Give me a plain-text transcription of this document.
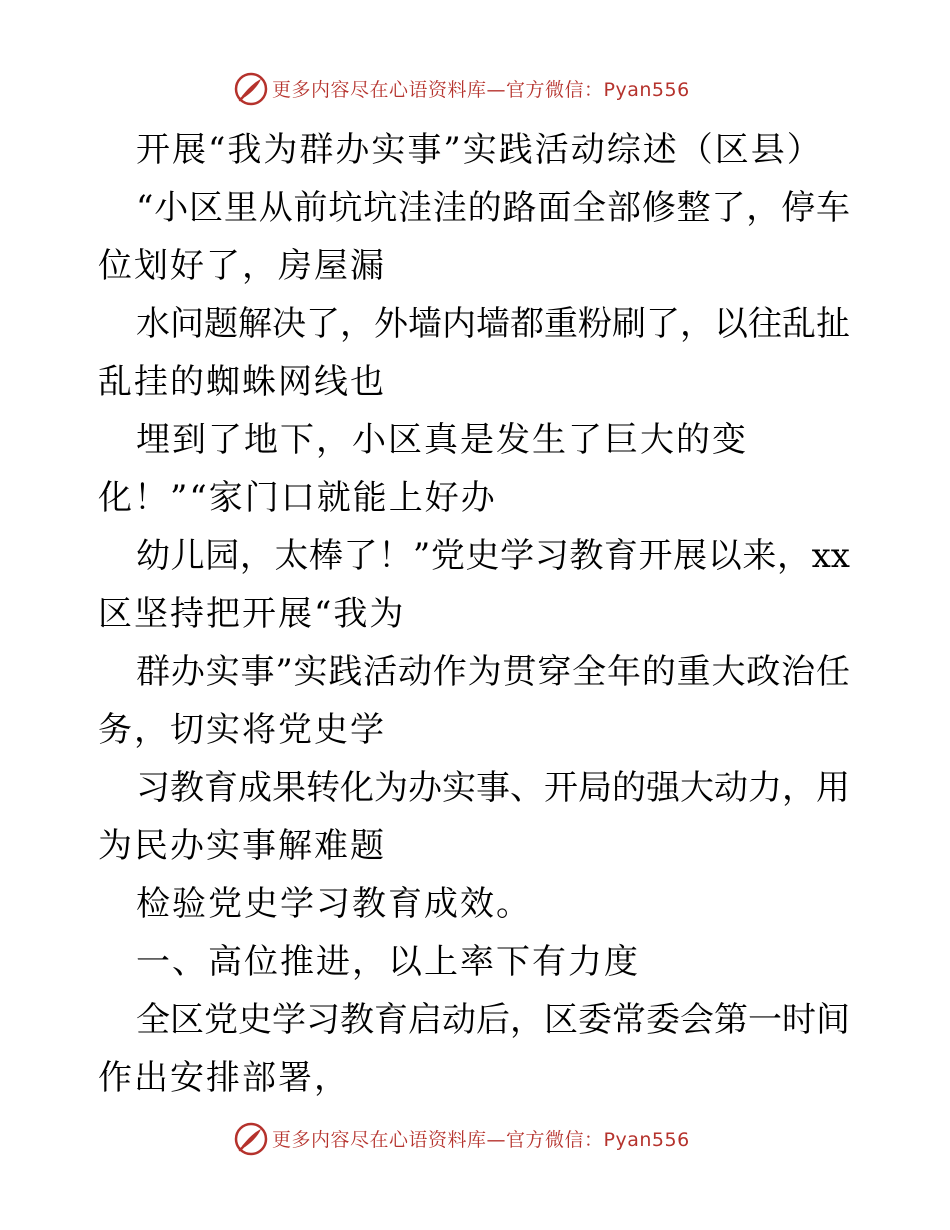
更多内容尽在心语资料库—官方微信：Pyan556
开展“我为群办实事”实践活动综述（区县）
“ 小 区 里 从 前 坑 坑 洼 洼 的 路 面 全 部 修 整 了 ， 停 车
位划好了，房屋漏
水 问 题 解 决 了 ， 外 墙 内 墙 都 重 粉 刷 了 ， 以 往 乱 扯
乱挂的蜘蛛网线也
埋到了地下，小区真是发生了巨大的变
化！”“家门口就能上好办
幼 儿 园 ， 太 棒 了 ！ ” 党 史 学 习 教 育 开 展 以 来 ， xx
区坚持把开展“我为
群 办 实 事 ” 实 践 活 动 作 为 贯 穿 全 年 的 重 大 政 治 任
务，切实将党史学
习 教 育 成 果 转 化 为 办 实 事 、 开 局 的 强 大 动 力 ， 用
为民办实事解难题
检验党史学习教育成效。
一、高位推进，以上率下有力度
全 区 党 史 学 习 教 育 启 动 后 ， 区 委 常 委 会 第 一 时 间
作出安排部署，
更多内容尽在心语资料库—官方微信：Pyan556
